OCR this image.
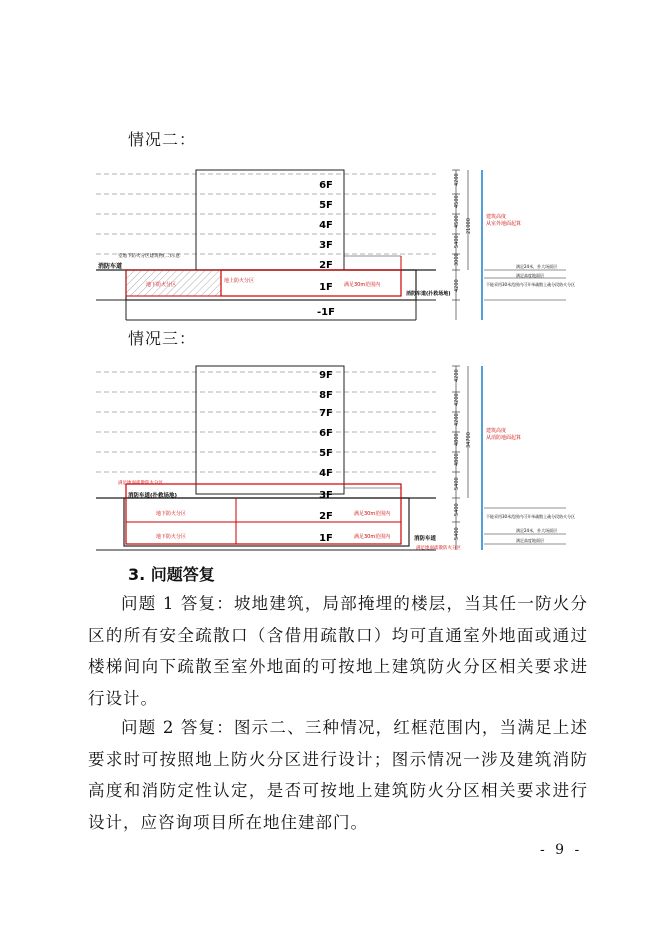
情况二：
6F
5F
4F
3F
2F
1F
-1F
消防车道
消防车道(扑救场地)
地下防火分区
地上防火分区
满足30m范围内
室地下防火分区建筑物(二)示意
4200
4500
4500
5400
3000
4200
21000
建筑高度
从室外地面起算
满足24米，扑大场面层
满足高度地面层
不能采用30米范围内可开单疏散上疏分段防火分区
情况三：
9F
8F
7F
6F
5F
4F
3F
2F
1F
消防车道(扑救场地)
消防车道
满足地面疏散防火分区
满足地面疏散防火分区
地下防火分区
地下防火分区
满足30m范围内
满足30m范围内
4200
4200
4200
4800
4800
5400
5400
5400
34700
建筑高度
从消防地面起算
不能采用30米范围内可开单疏散上疏分段防火分区
满足24米，扑大场面层
满足高度地面层
3. 问题答复
问题 1 答复：坡地建筑，局部掩埋的楼层，当其任一防火分区的所有安全疏散口（含借用疏散口）均可直通室外地面或通过楼梯间向下疏散至室外地面的可按地上建筑防火分区相关要求进行设计。
问题 2 答复：图示二、三种情况，红框范围内，当满足上述要求时可按照地上防火分区进行设计；图示情况一涉及建筑消防高度和消防定性认定，是否可按地上建筑防火分区相关要求进行设计，应咨询项目所在地住建部门。
- 9 -
